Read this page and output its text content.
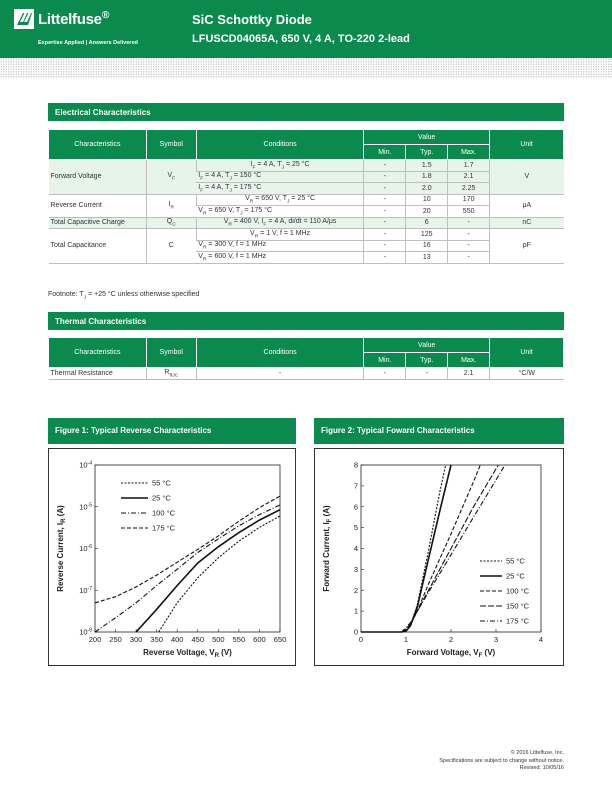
Littelfuse®
Expertise Applied | Answers Delivered
SiC Schottky Diode
LFUSCD04065A, 650 V, 4 A, TO-220 2-lead
Electrical Characteristics
Characteristics	Symbol	Conditions	Value			Unit
			Min.	Typ.	Max.	
Forward Voltage	$V_F$	$I_F = 4$ A, $T_J = 25$ °C	-	1.5	1.7	V
		$I_F = 4$ A, $T_J = 150$ °C	-	1.8	2.1	
		$I_F = 4$ A, $T_J = 175$ °C	-	2.0	2.25	
Reverse Current	$I_R$	$V_R = 650$ V, $T_J = 25$ °C	-	10	170	μA
		$V_R = 650$ V, $T_J = 175$ °C	-	20	550	
Total Capacitive Charge	$Q_C$	$V_R = 400$ V, $I_F = 4$ A, di/dt = 110 A/μs	-	6	-	nC
Total Capacitance	C	$V_R = 1$ V, f = 1 MHz	-	125	-	pF
		$V_R = 300$ V, f = 1 MHz	-	16	-	
		$V_R = 600$ V, f = 1 MHz	-	13	-	
Footnote: $T_J = +25$ °C unless otherwise specified
Thermal Characteristics
Characteristics	Symbol	Conditions	Value			Unit
			Min.	Typ.	Max.	
Thermal Resistance	$R_{\theta JC}$	-	-	-	2.1	°C/W
Figure 1: Typical Reverse Characteristics	Figure 2: Typical Foward Characteristics
200 250 300 350 400 450 500 550 600 650
$10^{-8}$
$10^{-7}$
$10^{-6}$
$10^{-5}$
$10^{-4}$
Reverse Voltage, $V_R$ (V)
Reverse Current, $I_R$ (A)
55 °C
25 °C
100 °C
175 °C
0	1	2	3	4
0
1
2
3
4
5
6
7
8
Forward Voltage, $V_F$ (V)
Forward Current, $I_F$ (A)
55 °C
25 °C
100 °C
150 °C
175 °C
© 2016 Littelfuse, Inc.
Specifications are subject to change without notice.
Revised: 10/05/16
